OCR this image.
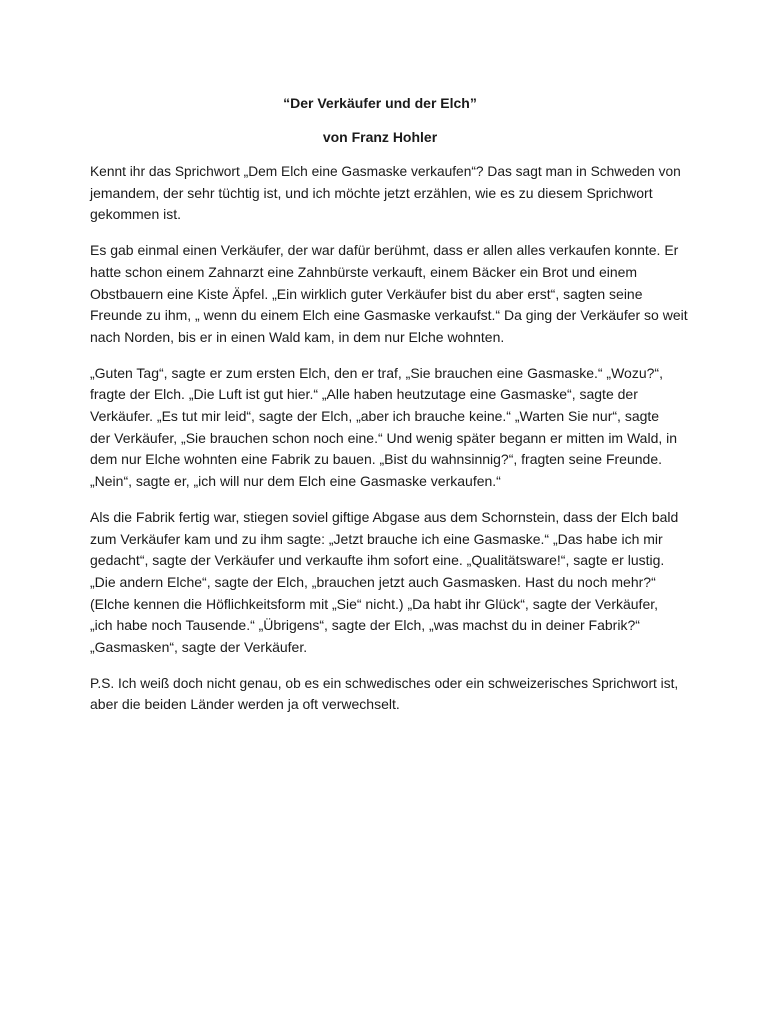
“Der Verkäufer und der Elch”

von Franz Hohler

Kennt ihr das Sprichwort „Dem Elch eine Gasmaske verkaufen“? Das sagt man in Schweden von
jemandem, der sehr tüchtig ist, und ich möchte jetzt erzählen, wie es zu diesem Sprichwort
gekommen ist.
Es gab einmal einen Verkäufer, der war dafür berühmt, dass er allen alles verkaufen konnte. Er
hatte schon einem Zahnarzt eine Zahnbürste verkauft, einem Bäcker ein Brot und einem
Obstbauern eine Kiste Äpfel. „Ein wirklich guter Verkäufer bist du aber erst“, sagten seine
Freunde zu ihm, „ wenn du einem Elch eine Gasmaske verkaufst.“ Da ging der Verkäufer so weit
nach Norden, bis er in einen Wald kam, in dem nur Elche wohnten.
„Guten Tag“, sagte er zum ersten Elch, den er traf, „Sie brauchen eine Gasmaske.“ „Wozu?“,
fragte der Elch. „Die Luft ist gut hier.“ „Alle haben heutzutage eine Gasmaske“, sagte der
Verkäufer. „Es tut mir leid“, sagte der Elch, „aber ich brauche keine.“ „Warten Sie nur“, sagte
der Verkäufer, „Sie brauchen schon noch eine.“ Und wenig später begann er mitten im Wald, in
dem nur Elche wohnten eine Fabrik zu bauen. „Bist du wahnsinnig?“, fragten seine Freunde.
„Nein“, sagte er, „ich will nur dem Elch eine Gasmaske verkaufen.“
Als die Fabrik fertig war, stiegen soviel giftige Abgase aus dem Schornstein, dass der Elch bald
zum Verkäufer kam und zu ihm sagte: „Jetzt brauche ich eine Gasmaske.“ „Das habe ich mir
gedacht“, sagte der Verkäufer und verkaufte ihm sofort eine. „Qualitätsware!“, sagte er lustig.
„Die andern Elche“, sagte der Elch, „brauchen jetzt auch Gasmasken. Hast du noch mehr?“
(Elche kennen die Höflichkeitsform mit „Sie“ nicht.) „Da habt ihr Glück“, sagte der Verkäufer,
„ich habe noch Tausende.“ „Übrigens“, sagte der Elch, „was machst du in deiner Fabrik?“
„Gasmasken“, sagte der Verkäufer.
P.S. Ich weiß doch nicht genau, ob es ein schwedisches oder ein schweizerisches Sprichwort ist,
aber die beiden Länder werden ja oft verwechselt.
